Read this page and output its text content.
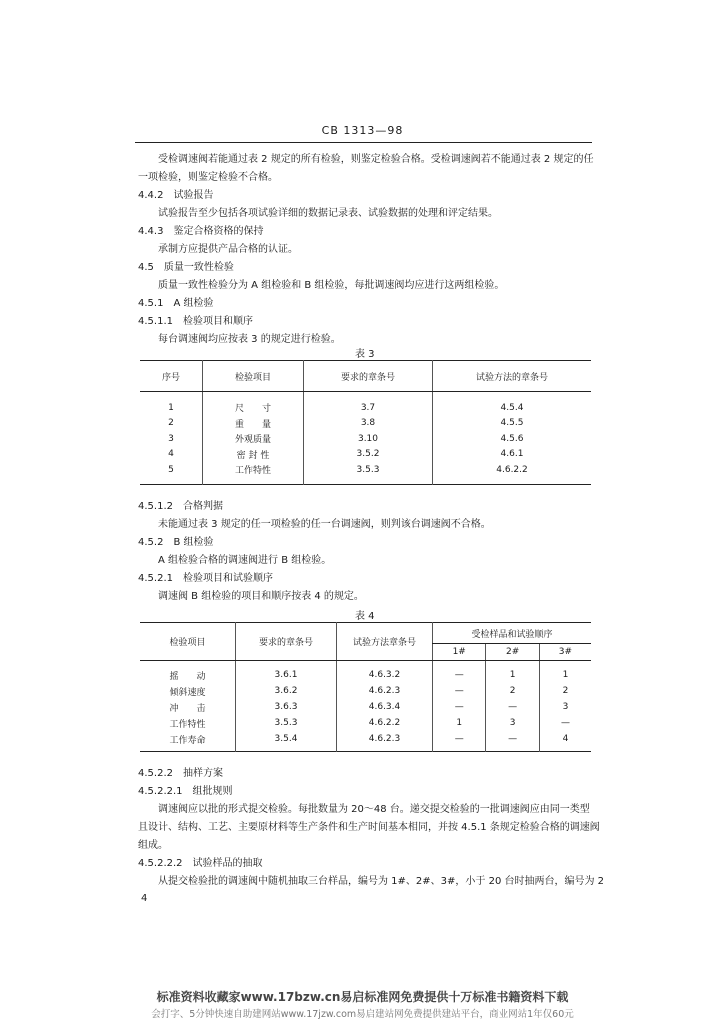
CB 1313—98
受检调速阀若能通过表 2 规定的所有检验，则鉴定检验合格。受检调速阀若不能通过表 2 规定的任
一项检验，则鉴定检验不合格。
4.4.2　试验报告
试验报告至少包括各项试验详细的数据记录表、试验数据的处理和评定结果。
4.4.3　鉴定合格资格的保持
承制方应提供产品合格的认证。
4.5　质量一致性检验
质量一致性检验分为 A 组检验和 B 组检验，每批调速阀均应进行这两组检验。
4.5.1　A 组检验
4.5.1.1　检验项目和顺序
每台调速阀均应按表 3 的规定进行检验。
表 3
序号	检验项目	要求的章条号	试验方法的章条号
1	尺　　寸	3.7	4.5.4
2	重　　量	3.8	4.5.5
3	外观质量	3.10	4.5.6
4	密 封 性	3.5.2	4.6.1
5	工作特性	3.5.3	4.6.2.2
4.5.1.2　合格判据
未能通过表 3 规定的任一项检验的任一台调速阀，则判该台调速阀不合格。
4.5.2　B 组检验
A 组检验合格的调速阀进行 B 组检验。
4.5.2.1　检验项目和试验顺序
调速阀 B 组检验的项目和顺序按表 4 的规定。
表 4
检验项目	要求的章条号	试验方法章条号	受检样品和试验顺序		
			1#	2#	3#
摇　　动	3.6.1	4.6.3.2	—	1	1
倾斜速度	3.6.2	4.6.2.3	—	2	2
冲　　击	3.6.3	4.6.3.4	—	—	3
工作特性	3.5.3	4.6.2.2	1	3	—
工作寿命	3.5.4	4.6.2.3	—	—	4
4.5.2.2　抽样方案
4.5.2.2.1　组批规则
调速阀应以批的形式提交检验。每批数量为 20～48 台。递交提交检验的一批调速阀应由同一类型
且设计、结构、工艺、主要原材料等生产条件和生产时间基本相同，并按 4.5.1 条规定检验合格的调速阀
组成。
4.5.2.2.2　试验样品的抽取
从提交检验批的调速阀中随机抽取三台样品，编号为 1#、2#、3#，小于 20 台时抽两台，编号为 2
4
标准资料收藏家www.17bzw.cn易启标准网免费提供十万标准书籍资料下载
会打字、5分钟快速自助建网站www.17jzw.com易启建站网免费提供建站平台，商业网站1年仅60元
